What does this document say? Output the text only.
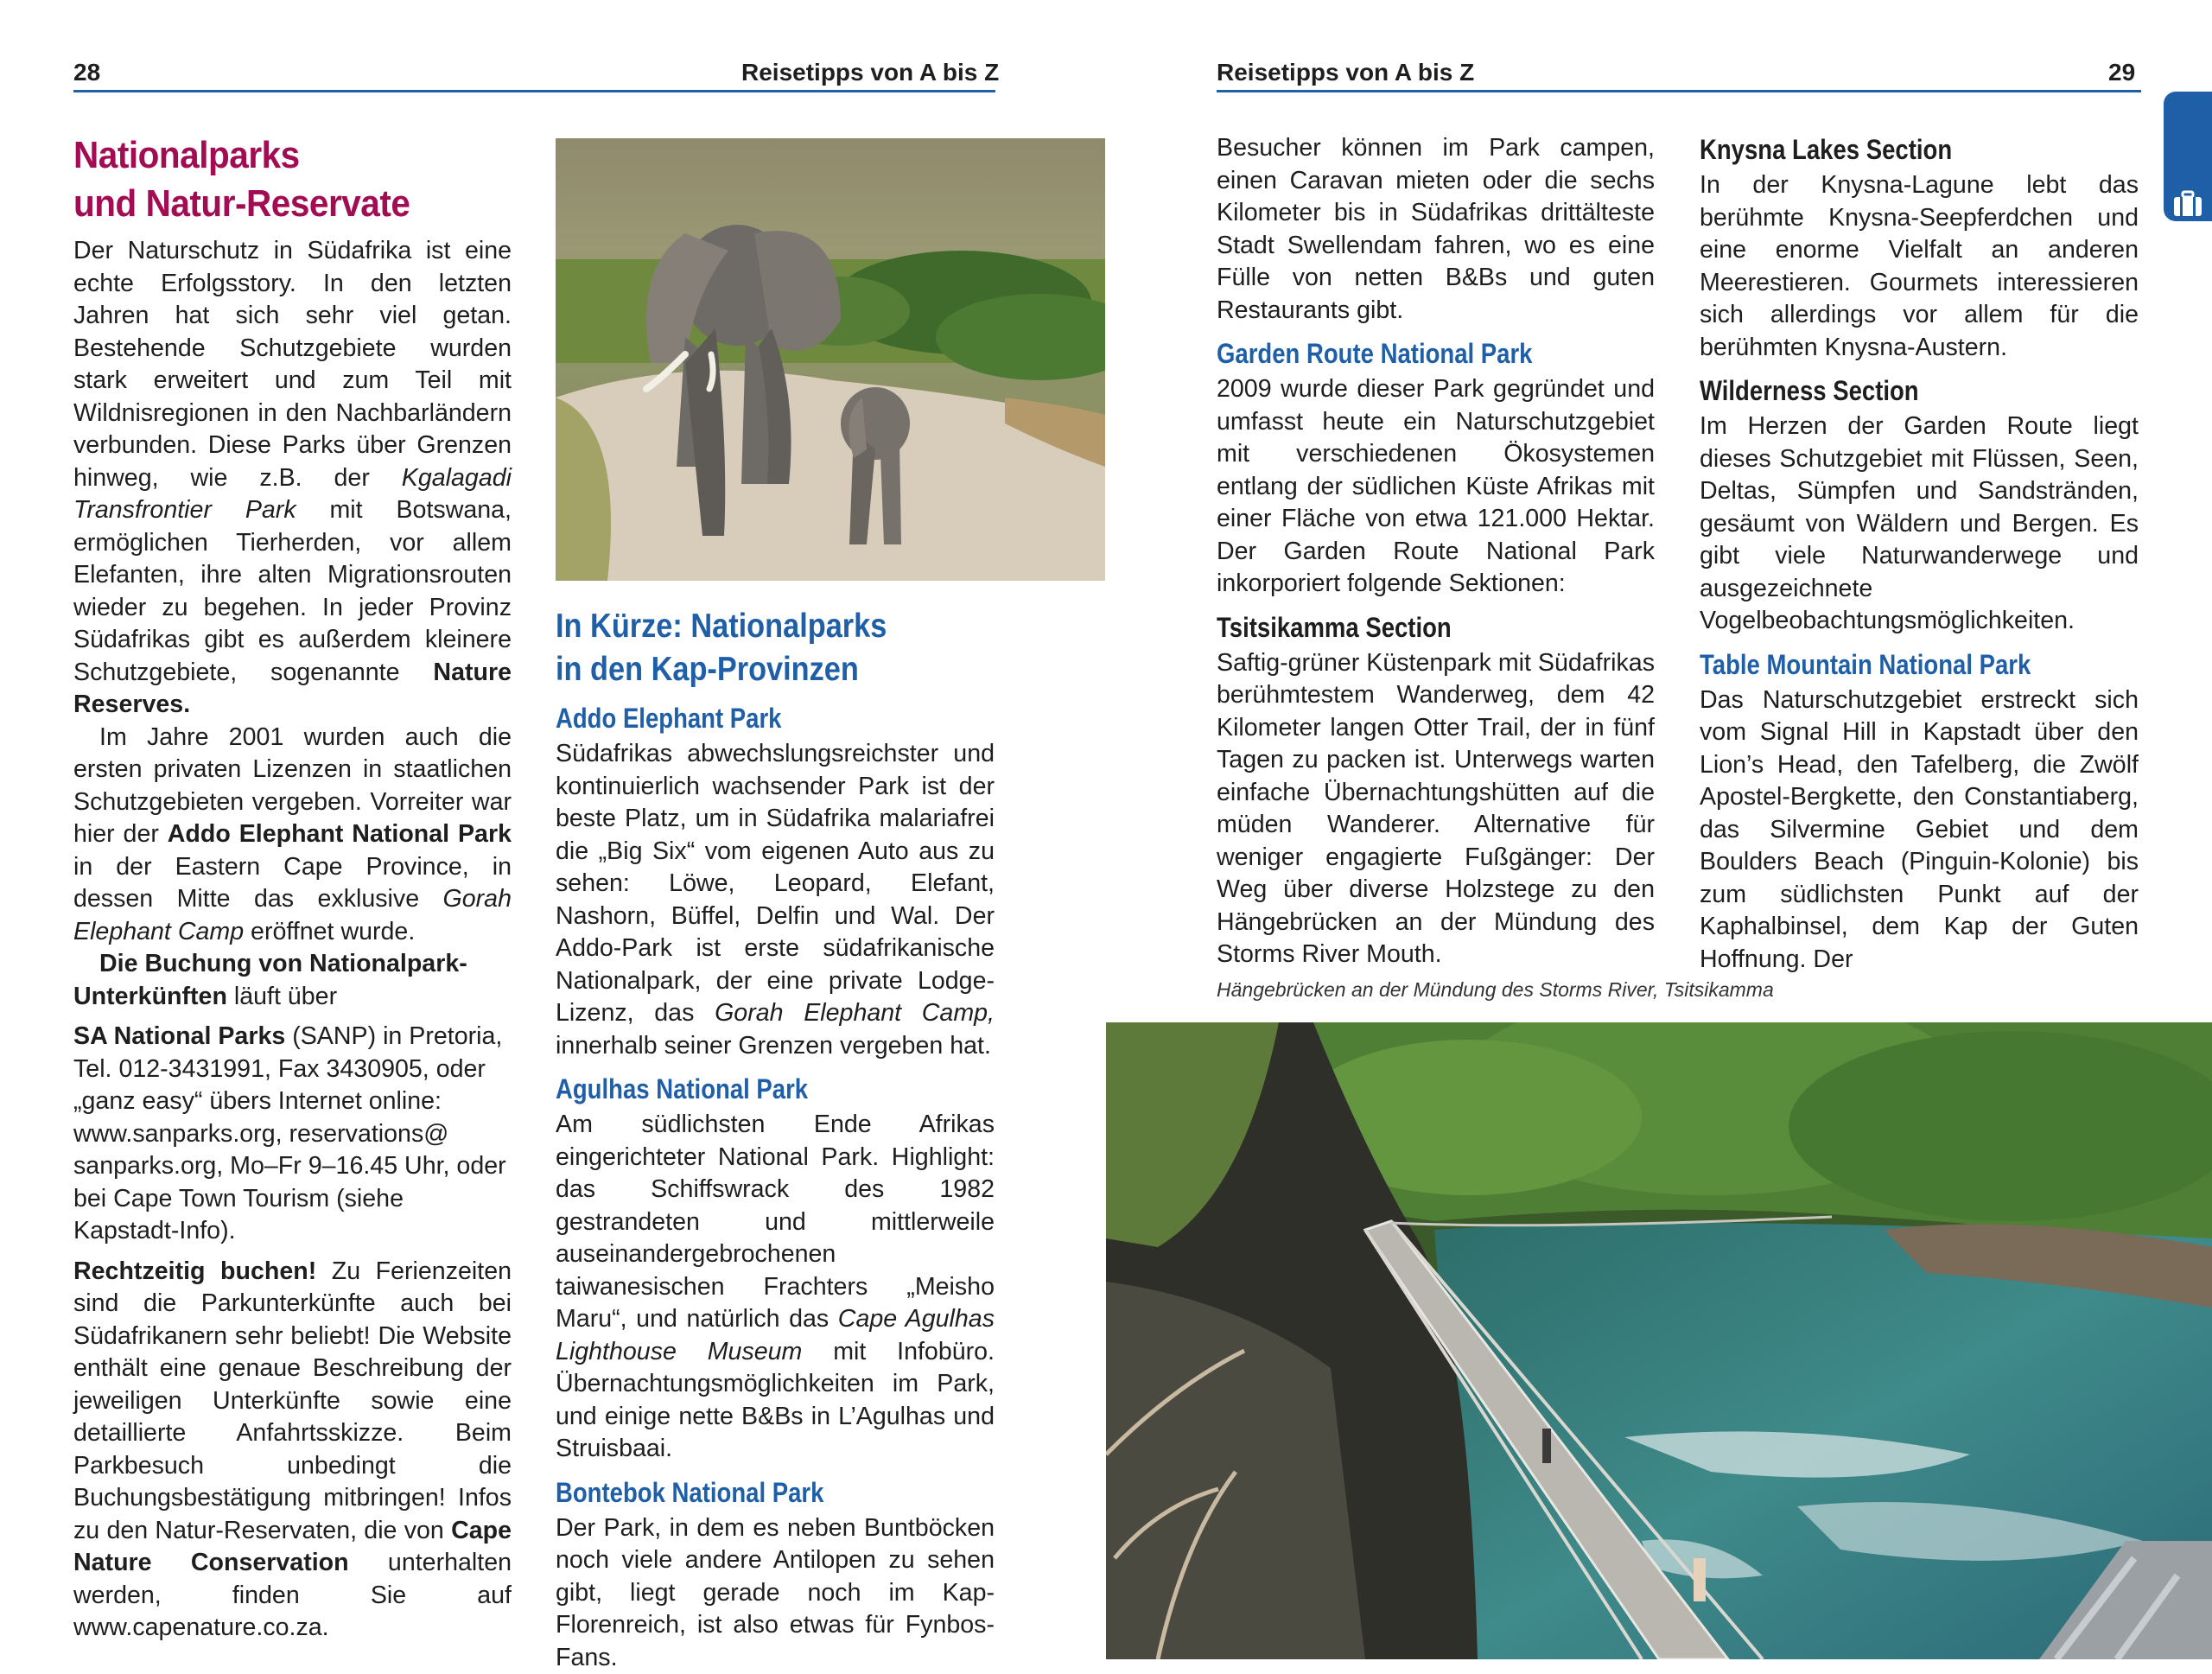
28	Reisetipps von A bis Z	Reisetipps von A bis Z	29
Nationalparks
und Natur-Reservate

Der Naturschutz in Südafrika ist eine echte Erfolgsstory. In den letzten Jahren hat sich sehr viel getan. Bestehende Schutzgebiete wurden stark erweitert und zum Teil mit Wildnisregionen in den Nachbarländern verbunden. Diese Parks über Grenzen hinweg, wie z.B. der Kgalagadi Transfrontier Park mit Botswana, ermöglichen Tierherden, vor allem Elefanten, ihre alten Migrationsrouten wieder zu begehen. In jeder Provinz Südafrikas gibt es außerdem kleinere Schutzgebiete, sogenannte Nature Reserves.

Im Jahre 2001 wurden auch die ersten privaten Lizenzen in staatlichen Schutzgebieten vergeben. Vorreiter war hier der Addo Elephant National Park in der Eastern Cape Province, in dessen Mitte das exklusive Gorah Elephant Camp eröffnet wurde.

Die Buchung von Nationalpark-Unterkünften läuft über

SA National Parks (SANP) in Pretoria, Tel. 012-3431991, Fax 3430905, oder „ganz easy“ übers Internet online: www.sanparks.org, reservations@ sanparks.org, Mo–Fr 9–16.45 Uhr, oder bei Cape Town Tourism (siehe Kapstadt-Info).

Rechtzeitig buchen! Zu Ferienzeiten sind die Parkunterkünfte auch bei Südafrikanern sehr beliebt! Die Website enthält eine genaue Beschreibung der jeweiligen Unterkünfte sowie eine detaillierte Anfahrtsskizze. Beim Parkbesuch unbedingt die Buchungsbestätigung mitbringen! Infos zu den Natur-Reservaten, die von Cape Nature Conservation unterhalten werden, finden Sie auf www.capenature.co.za.

In Kürze: Nationalparks
in den Kap-Provinzen
Addo Elephant Park

Südafrikas abwechslungsreichster und kontinuierlich wachsender Park ist der beste Platz, um in Südafrika malariafrei die „Big Six“ vom eigenen Auto aus zu sehen: Löwe, Leopard, Elefant, Nashorn, Büffel, Delfin und Wal. Der Addo-Park ist erste südafrikanische Nationalpark, der eine private Lodge-Lizenz, das Gorah Elephant Camp, innerhalb seiner Grenzen vergeben hat.

Agulhas National Park

Am südlichsten Ende Afrikas eingerichteter National Park. Highlight: das Schiffswrack des 1982 gestrandeten und mittlerweile auseinandergebrochenen taiwanesischen Frachters „Meisho Maru“, und natürlich das Cape Agulhas Lighthouse Museum mit Infobüro. Übernachtungsmöglichkeiten im Park, und einige nette B&Bs in L’Agulhas und Struisbaai.

Bontebok National Park

Der Park, in dem es neben Buntböcken noch viele andere Antilopen zu sehen gibt, liegt gerade noch im Kap-Florenreich, ist also etwas für Fynbos-Fans.

Besucher können im Park campen, einen Caravan mieten oder die sechs Kilometer bis in Südafrikas drittälteste Stadt Swellendam fahren, wo es eine Fülle von netten B&Bs und guten Restaurants gibt.

Garden Route National Park

2009 wurde dieser Park gegründet und umfasst heute ein Naturschutzgebiet mit verschiedenen Ökosystemen entlang der südlichen Küste Afrikas mit einer Fläche von etwa 121.000 Hektar. Der Garden Route National Park inkorporiert folgende Sektionen:

Tsitsikamma Section

Saftig-grüner Küstenpark mit Südafrikas berühmtestem Wanderweg, dem 42 Kilometer langen Otter Trail, der in fünf Tagen zu packen ist. Unterwegs warten einfache Übernachtungshütten auf die müden Wanderer. Alternative für weniger engagierte Fußgänger: Der Weg über diverse Holzstege zu den Hängebrücken an der Mündung des Storms River Mouth.

Knysna Lakes Section

In der Knysna-Lagune lebt das berühmte Knysna-Seepferdchen und eine enorme Vielfalt an anderen Meerestieren. Gourmets interessieren sich allerdings vor allem für die berühmten Knysna-Austern.

Wilderness Section

Im Herzen der Garden Route liegt dieses Schutzgebiet mit Flüssen, Seen, Deltas, Sümpfen und Sandstränden, gesäumt von Wäldern und Bergen. Es gibt viele Naturwanderwege und ausgezeichnete Vogelbeobachtungsmöglichkeiten.

Table Mountain National Park

Das Naturschutzgebiet erstreckt sich vom Signal Hill in Kapstadt über den Lion’s Head, den Tafelberg, die Zwölf Apostel-Bergkette, den Constantiaberg, das Silvermine Gebiet und dem Boulders Beach (Pinguin-Kolonie) bis zum südlichsten Punkt auf der Kaphalbinsel, dem Kap der Guten Hoffnung. Der

Hängebrücken an der Mündung des Storms River, Tsitsikamma
